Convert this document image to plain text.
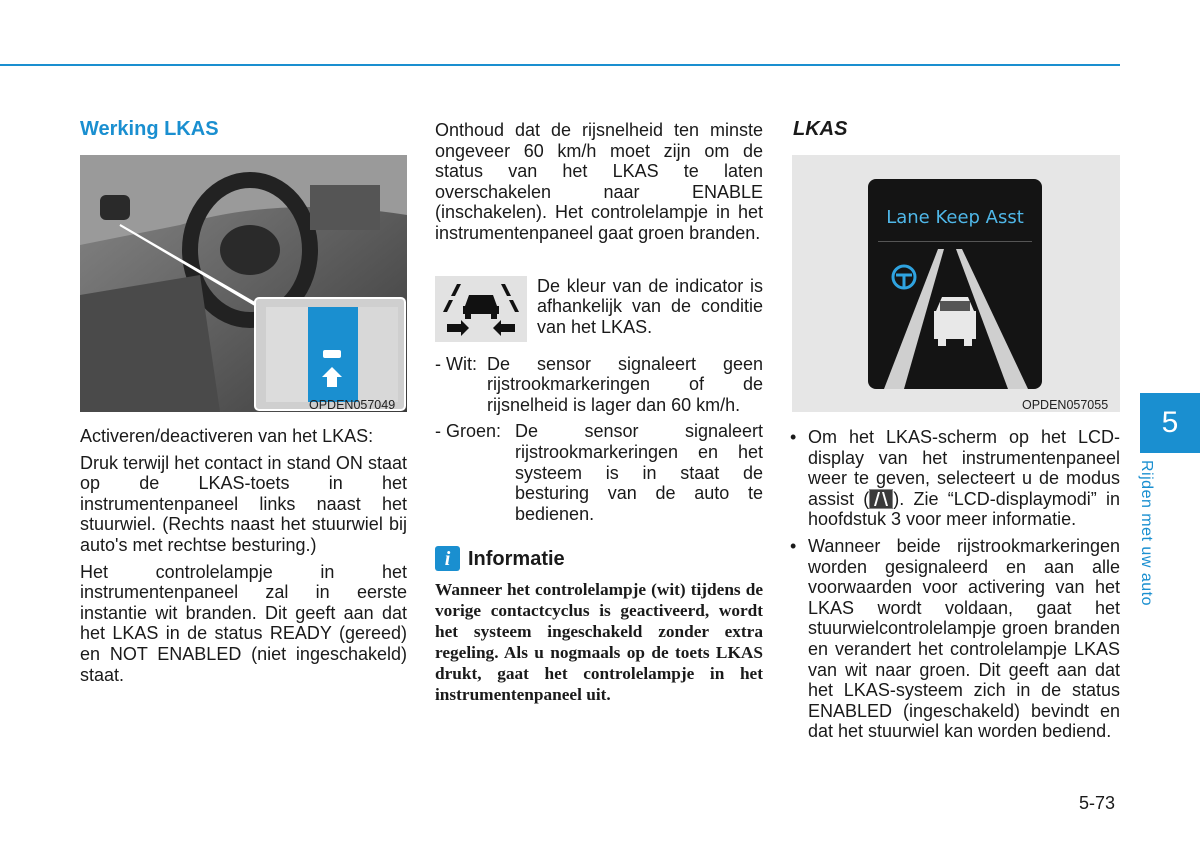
Werking LKAS
OPDEN057049

Activeren/deactiveren van het LKAS:

Druk terwijl het contact in stand ON staat op de LKAS-toets in het instrumentenpaneel links naast het stuurwiel. (Rechts naast het stuurwiel bij auto's met rechtse besturing.)

Het controlelampje in het instrumentenpaneel zal in eerste instantie wit branden. Dit geeft aan dat het LKAS in de status READY (gereed) en NOT ENABLED (niet ingeschakeld) staat.

Onthoud dat de rijsnelheid ten minste ongeveer 60 km/h moet zijn om de status van het LKAS te laten overschakelen naar ENABLE (inschakelen). Het controlelampje in het instrumentenpaneel gaat groen branden.

De kleur van de indicator is afhankelijk van de conditie van het LKAS.

- Wit: De sensor signaleert geen rijstrookmarkeringen of de rijsnelheid is lager dan 60 km/h.
- Groen: De sensor signaleert rijstrookmarkeringen en het systeem is in staat de besturing van de auto te bedienen.
i Informatie
Wanneer het controlelampje (wit) tijdens de vorige contactcyclus is geactiveerd, wordt het systeem ingeschakeld zonder extra regeling. Als u nogmaals op de toets LKAS drukt, gaat het controlelampje in het instrumentenpaneel uit.
LKAS
Lane Keep Asst
OPDEN057055
• Om het LKAS-scherm op het LCD-display van het instrumentenpaneel weer te geven, selecteert u de modus assist ( ). Zie “LCD-displaymodi” in hoofdstuk 3 voor meer informatie.
• Wanneer beide rijstrookmarkeringen worden gesignaleerd en aan alle voorwaarden voor activering van het LKAS wordt voldaan, gaat het stuurwielcontrolelampje groen branden en verandert het controlelampje LKAS van wit naar groen. Dit geeft aan dat het LKAS-systeem zich in de status ENABLED (ingeschakeld) bevindt en dat het stuurwiel kan worden bediend.
5
Rijden met uw auto
5-73
